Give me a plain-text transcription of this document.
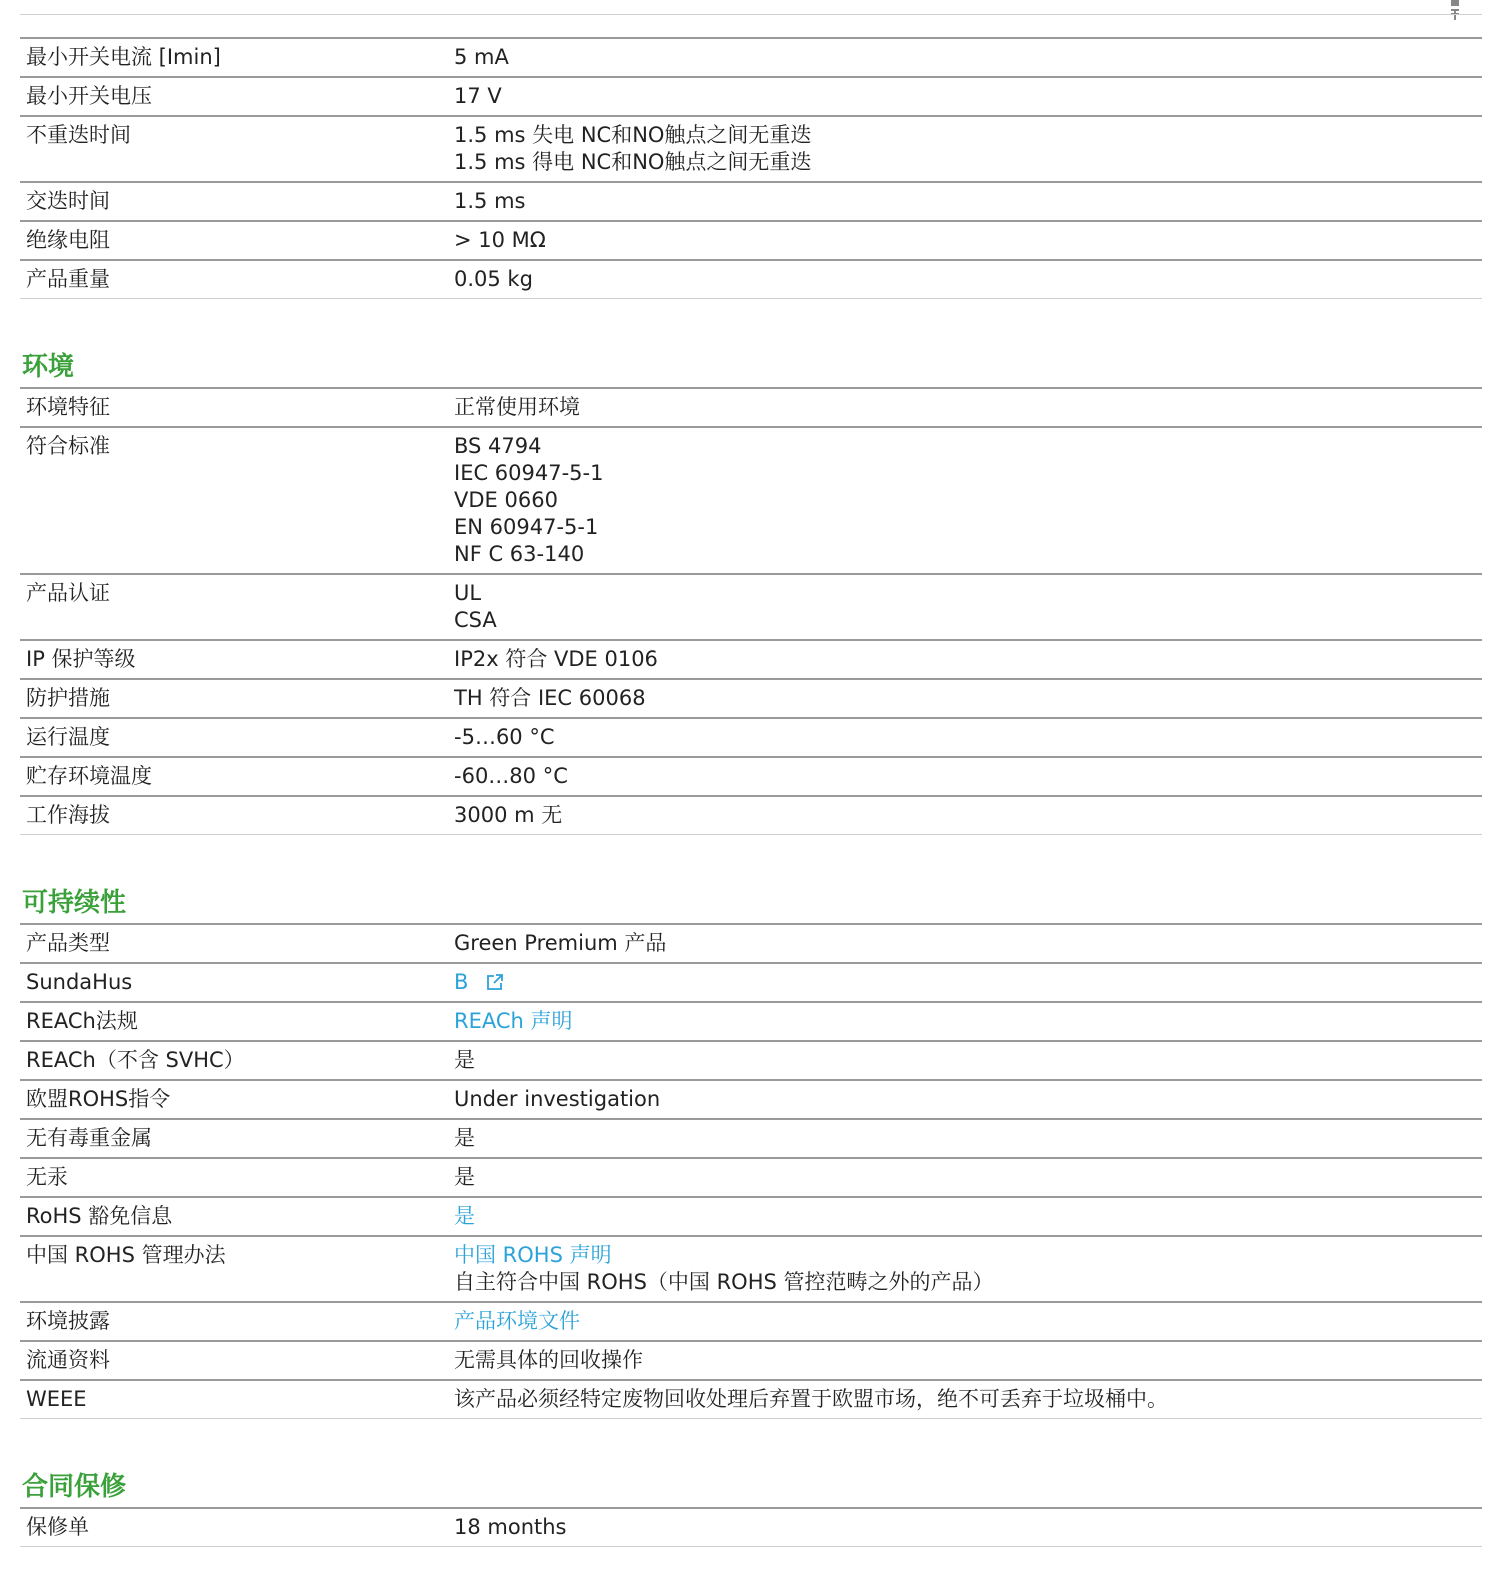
最小开关电流 [Imin]	5 mA
最小开关电压	17 V
不重迭时间	1.5 ms 失电 NC和NO触点之间无重迭
1.5 ms 得电 NC和NO触点之间无重迭
交迭时间	1.5 ms
绝缘电阻	> 10 MΩ
产品重量	0.05 kg
环境
环境特征	正常使用环境
符合标准	BS 4794
IEC 60947-5-1
VDE 0660
EN 60947-5-1
NF C 63-140
产品认证	UL
CSA
IP 保护等级	IP2x 符合 VDE 0106
防护措施	TH 符合 IEC 60068
运行温度	-5…60 °C
贮存环境温度	-60…80 °C
工作海拔	3000 m 无
可持续性
产品类型	Green Premium 产品
SundaHus	B
REACh法规	REACh 声明
REACh（不含 SVHC）	是
欧盟ROHS指令	Under investigation
无有毒重金属	是
无汞	是
RoHS 豁免信息	是
中国 ROHS 管理办法	中国 ROHS 声明
自主符合中国 ROHS（中国 ROHS 管控范畴之外的产品）
环境披露	产品环境文件
流通资料	无需具体的回收操作
WEEE	该产品必须经特定废物回收处理后弃置于欧盟市场，绝不可丢弃于垃圾桶中。
合同保修
保修单	18 months
